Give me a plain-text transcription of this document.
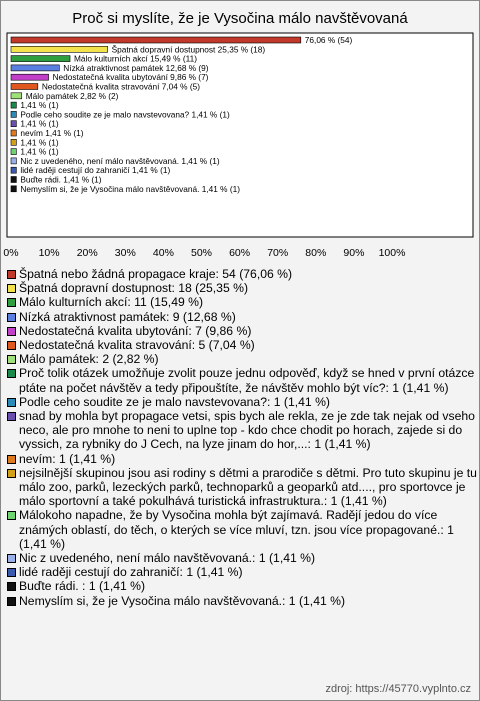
Proč si myslíte, že je Vysočina málo navštěvovaná
76,06 % (54)
Špatná dopravní dostupnost 25,35 % (18)
Málo kulturních akcí 15,49 % (11)
Nízká atraktivnost památek 12,68 % (9)
Nedostatečná kvalita ubytování 9,86 % (7)
Nedostatečná kvalita stravování 7,04 % (5)
Málo památek 2,82 % (2)
1,41 % (1)
Podle ceho soudite ze je malo navstevovana? 1,41 % (1)
1,41 % (1)
nevím 1,41 % (1)
1,41 % (1)
1,41 % (1)
Nic z uvedeného, není málo navštěvovaná. 1,41 % (1)
lidé raději cestují do zahraničí 1,41 % (1)
Buďte rádi. 1,41 % (1)
Nemyslím si, že je Vysočina málo navštěvovaná. 1,41 % (1)
0% 10% 20% 30% 40% 50% 60% 70% 80% 90% 100%
Špatná nebo žádná propagace kraje: 54 (76,06 %)
Špatná dopravní dostupnost: 18 (25,35 %)
Málo kulturních akcí: 11 (15,49 %)
Nízká atraktivnost památek: 9 (12,68 %)
Nedostatečná kvalita ubytování: 7 (9,86 %)
Nedostatečná kvalita stravování: 5 (7,04 %)
Málo památek: 2 (2,82 %)
Proč tolik otázek umožňuje zvolit pouze jednu odpověď, když se hned v první otázce ptáte na počet návštěv a tedy připouštíte, že návštěv mohlo být víc?: 1 (1,41 %)
Podle ceho soudite ze je malo navstevovana?: 1 (1,41 %)
snad by mohla byt propagace vetsi, spis bych ale rekla, ze je zde tak nejak od vseho neco, ale pro mnohe to neni to uplne top - kdo chce chodit po horach, zajede si do vyssich, za rybniky do J Cech, na lyze jinam do hor,...: 1 (1,41 %)
nevím: 1 (1,41 %)
nejsilnější skupinou jsou asi rodiny s dětmi a prarodiče s dětmi. Pro tuto skupinu je tu málo zoo, parků, lezeckých parků, technoparků a geoparků atd...., pro sportovce je málo sportovní a také pokulhává turistická infrastruktura.: 1 (1,41 %)
Málokoho napadne, že by Vysočina mohla být zajímavá. Radějí jedou do více známých oblastí, do těch, o kterých se více mluví, tzn. jsou více propagované.: 1 (1,41 %)
Nic z uvedeného, není málo navštěvovaná.: 1 (1,41 %)
lidé raději cestují do zahraničí: 1 (1,41 %)
Buďte rádi. : 1 (1,41 %)
Nemyslím si, že je Vysočina málo navštěvovaná.: 1 (1,41 %)
zdroj: https://45770.vyplnto.cz
